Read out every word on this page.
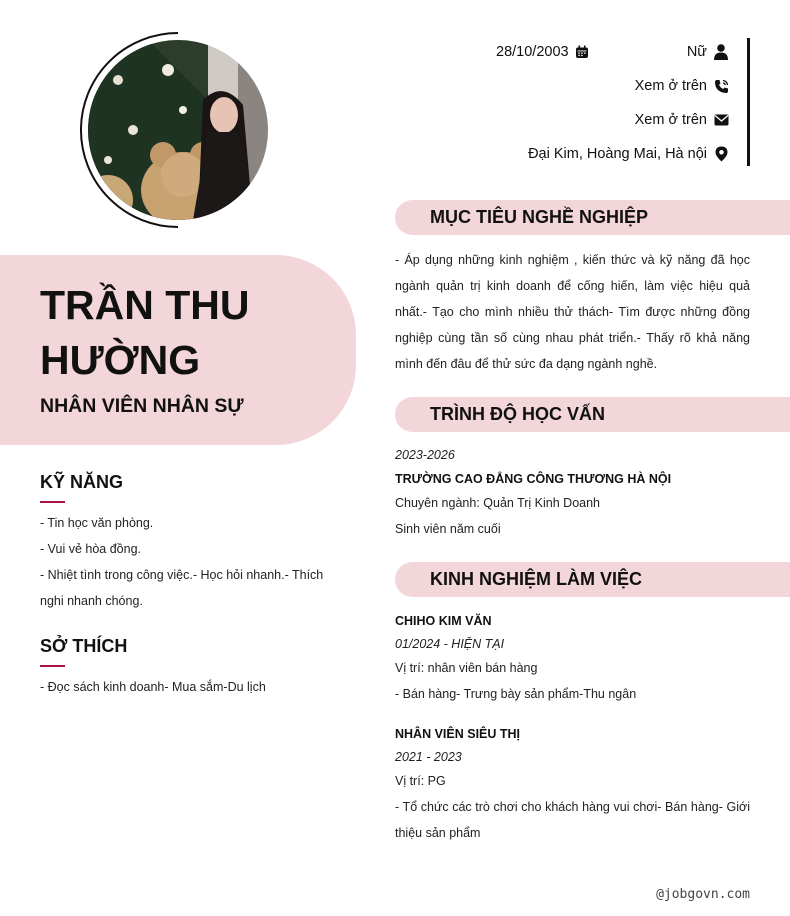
TRẦN THU HƯỜNG
NHÂN VIÊN NHÂN SỰ
KỸ NĂNG
- Tin học văn phòng.
- Vui vẻ hòa đồng.
- Nhiệt tình trong công việc.- Học hỏi nhanh.- Thích nghi nhanh chóng.
SỞ THÍCH
- Đọc sách kinh doanh- Mua sắm-Du lịch
28/10/2003	Nữ
Xem ở trên
Xem ở trên
Đại Kim, Hoàng Mai, Hà nội
MỤC TIÊU NGHỀ NGHIỆP
- Áp dụng những kinh nghiệm , kiến thức và kỹ năng đã học ngành quản trị kinh doanh để cống hiến, làm việc hiệu quả nhất.- Tạo cho mình nhiều thử thách- Tìm được những đồng nghiệp cùng tần số cùng nhau phát triển.- Thấy rõ khả năng mình đến đâu để thử sức đa dạng ngành nghề.
TRÌNH ĐỘ HỌC VẤN
2023-2026
TRƯỜNG CAO ĐẲNG CÔNG THƯƠNG HÀ NỘI
Chuyên ngành: Quản Trị Kinh Doanh
Sinh viên năm cuối
KINH NGHIỆM LÀM VIỆC
CHIHO KIM VĂN
01/2024 - HIỆN TẠI
Vị trí: nhân viên bán hàng
- Bán hàng- Trưng bày sản phẩm-Thu ngân
NHÂN VIÊN SIÊU THỊ
2021 - 2023
Vị trí: PG
- Tổ chức các trò chơi cho khách hàng vui chơi- Bán hàng- Giới thiệu sản phẩm
@jobgovn.com
